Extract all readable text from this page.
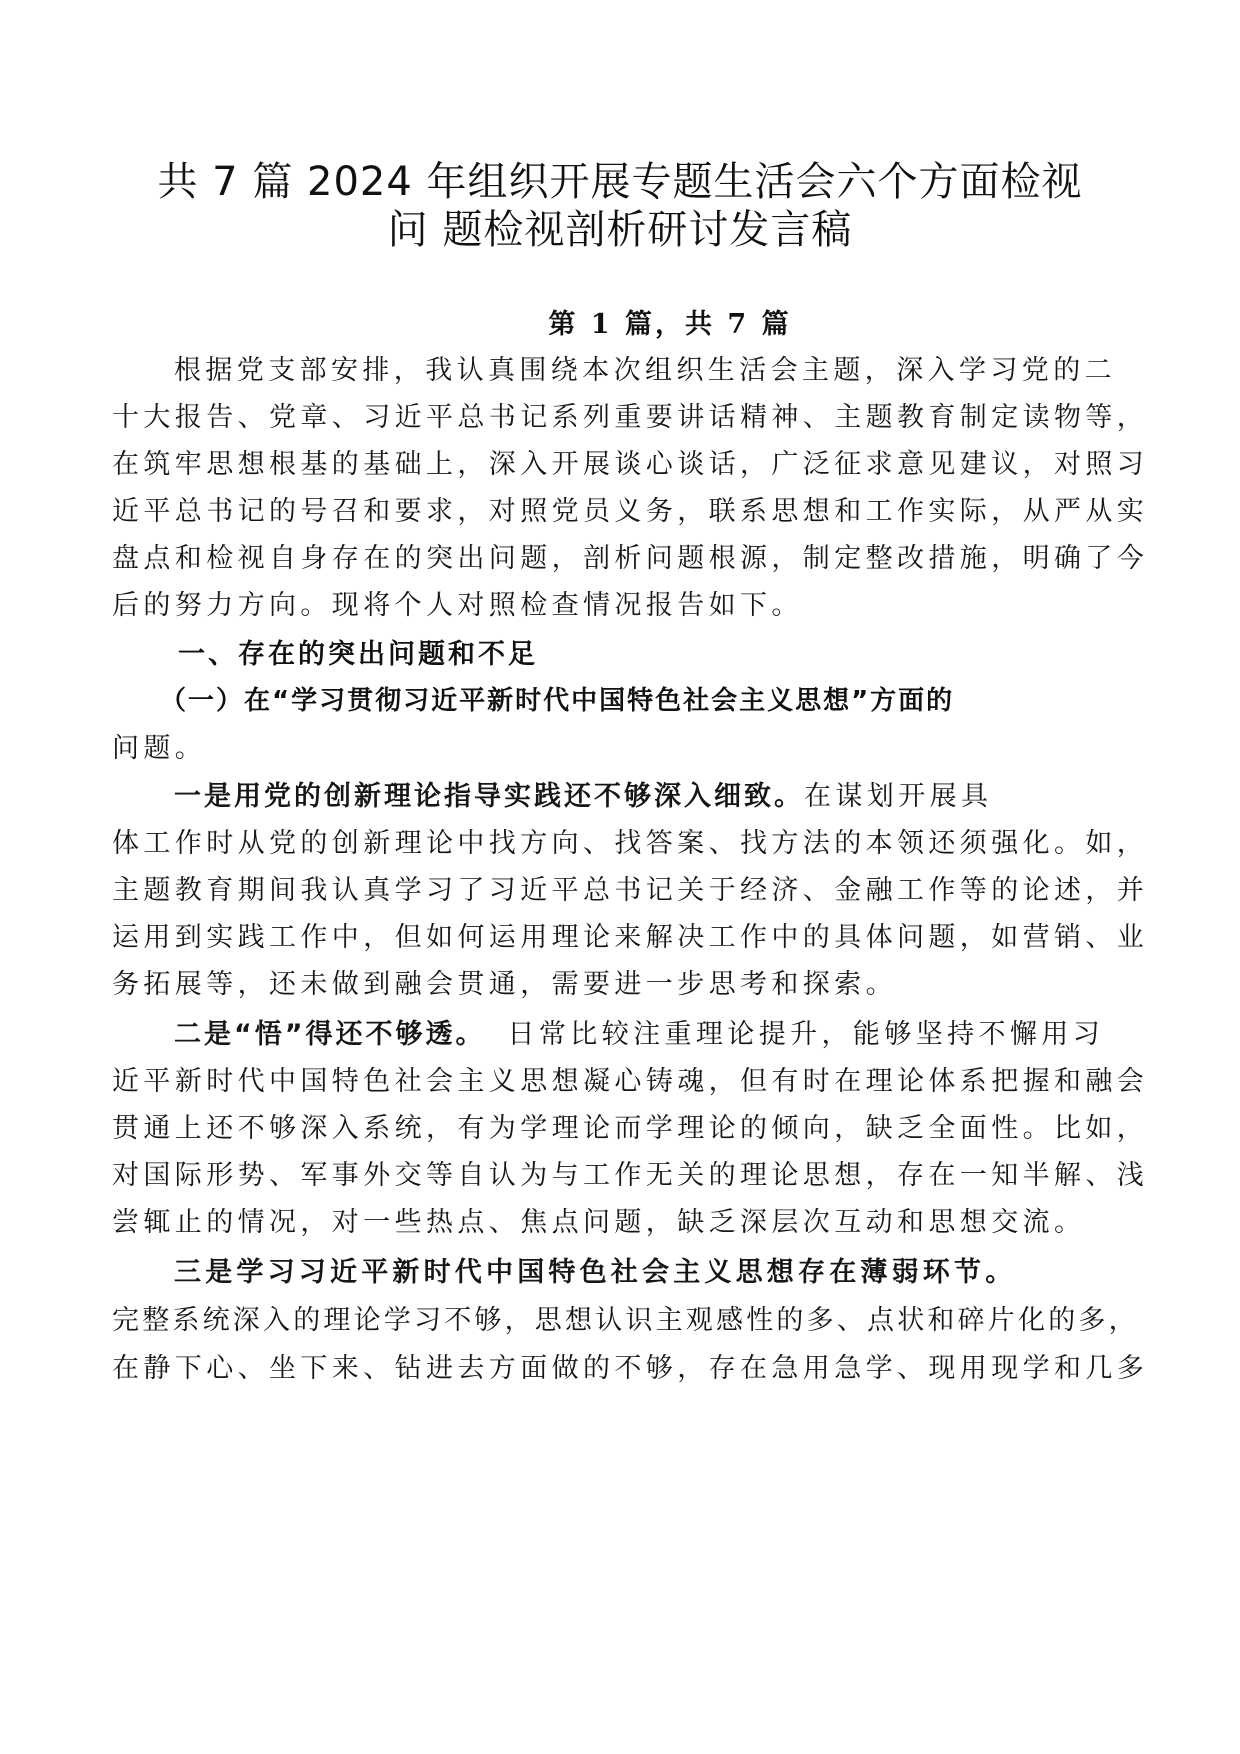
共 7 篇 2024 年组织开展专题生活会六个方面检视
问 题检视剖析研讨发言稿
第 1 篇，共 7 篇
根据党支部安排，我认真围绕本次组织生活会主题，深入学习党的二
十大报告、党章、习近平总书记系列重要讲话精神、主题教育制定读物等，
在筑牢思想根基的基础上，深入开展谈心谈话，广泛征求意见建议，对照习
近平总书记的号召和要求，对照党员义务，联系思想和工作实际，从严从实
盘点和检视自身存在的突出问题，剖析问题根源，制定整改措施，明确了今
后的努力方向。现将个人对照检查情况报告如下。
一、存在的突出问题和不足
（一）在“学习贯彻习近平新时代中国特色社会主义思想”方面的
问题。
一是用党的创新理论指导实践还不够深入细致。在谋划开展具
体工作时从党的创新理论中找方向、找答案、找方法的本领还须强化。如，
主题教育期间我认真学习了习近平总书记关于经济、金融工作等的论述，并
运用到实践工作中，但如何运用理论来解决工作中的具体问题，如营销、业
务拓展等，还未做到融会贯通，需要进一步思考和探索。
二是“悟”得还不够透。 日常比较注重理论提升，能够坚持不懈用习
近平新时代中国特色社会主义思想凝心铸魂，但有时在理论体系把握和融会
贯通上还不够深入系统，有为学理论而学理论的倾向，缺乏全面性。比如，
对国际形势、军事外交等自认为与工作无关的理论思想，存在一知半解、浅
尝辄止的情况，对一些热点、焦点问题，缺乏深层次互动和思想交流。
三是学习习近平新时代中国特色社会主义思想存在薄弱环节。
完整系统深入的理论学习不够，思想认识主观感性的多、点状和碎片化的多，
在静下心、坐下来、钻进去方面做的不够，存在急用急学、现用现学和几多
